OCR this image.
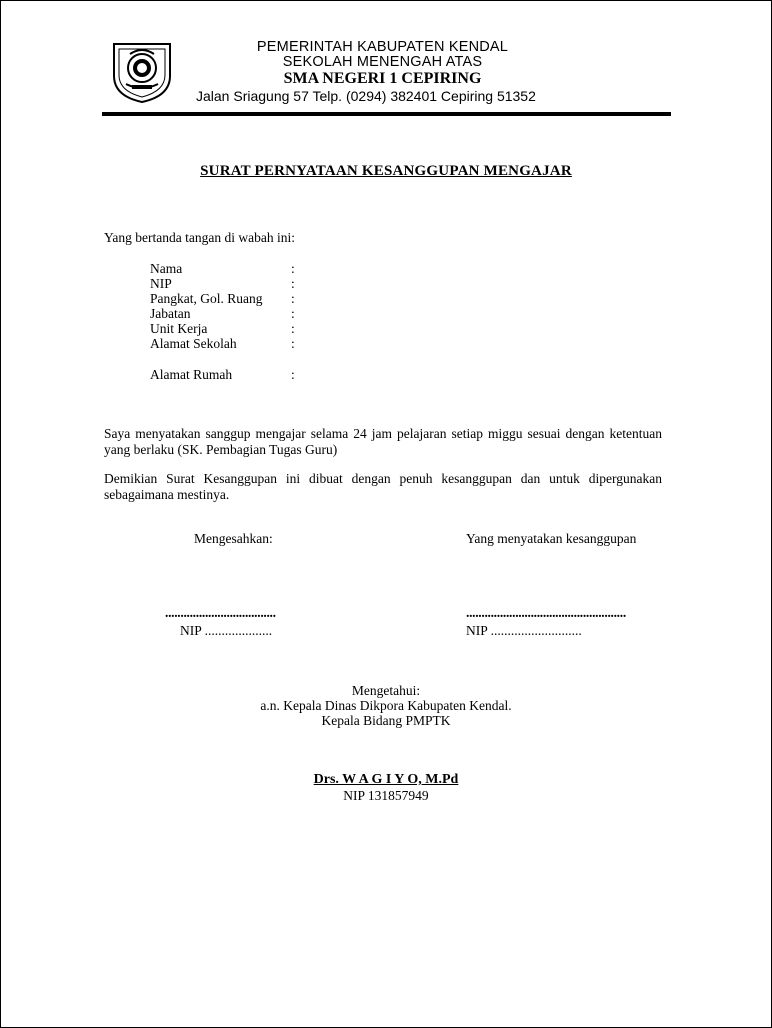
PEMERINTAH KABUPATEN KENDAL
SEKOLAH MENENGAH ATAS
SMA NEGERI 1 CEPIRING
Jalan Sriagung 57 Telp. (0294) 382401 Cepiring 51352
SURAT PERNYATAAN KESANGGUPAN MENGAJAR
Yang bertanda tangan di wabah ini:
Nama	:
NIP	:
Pangkat, Gol. Ruang :
Jabatan	:
Unit Kerja	:
Alamat Sekolah	:
Alamat Rumah	:
Saya menyatakan sanggup mengajar selama 24 jam pelajaran setiap miggu sesuai dengan ketentuan yang berlaku (SK. Pembagian Tugas Guru)
Demikian Surat Kesanggupan ini dibuat dengan penuh kesanggupan dan untuk dipergunakan sebagaimana mestinya.
Mengesahkan:	Yang menyatakan kesanggupan
....................................	....................................................
NIP ....................	NIP ...........................
Mengetahui:
a.n. Kepala Dinas Dikpora Kabupaten Kendal.
Kepala Bidang PMPTK
Drs. W A G I Y O, M.Pd
NIP 131857949
